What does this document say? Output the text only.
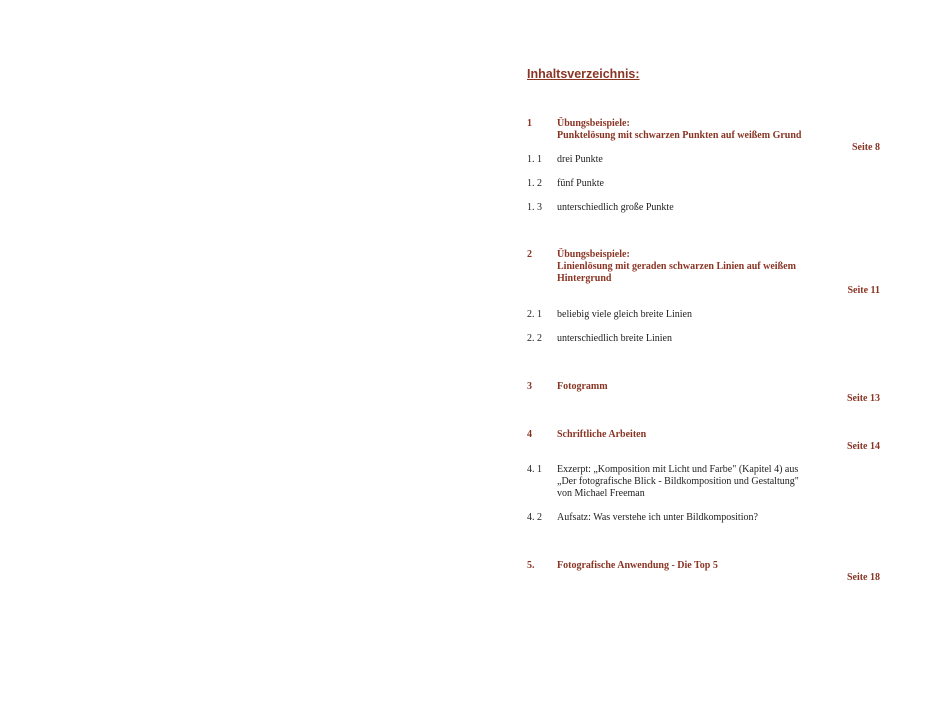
Inhaltsverzeichnis:
1	Übungsbeispiele:
Punktelösung mit schwarzen Punkten auf weißem Grund
Seite 8
1. 1 drei Punkte
1. 2 fünf Punkte
1. 3 unterschiedlich große Punkte
2	Übungsbeispiele:
Linienlösung mit geraden schwarzen Linien auf weißem
Hintergrund
Seite 11
2. 1 beliebig viele gleich breite Linien
2. 2 unterschiedlich breite Linien
3	Fotogramm
Seite 13
4	Schriftliche Arbeiten
Seite 14
4. 1 Exzerpt: „Komposition mit Licht und Farbe" (Kapitel 4) aus
„Der fotografische Blick - Bildkomposition und Gestaltung"
von Michael Freeman
4. 2 Aufsatz: Was verstehe ich unter Bildkomposition?
5. Fotografische Anwendung - Die Top 5
Seite 18
